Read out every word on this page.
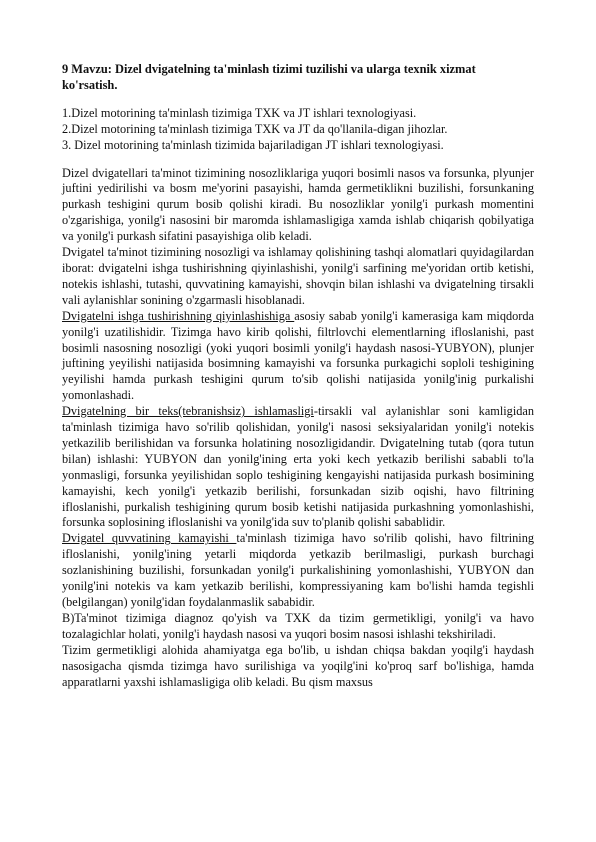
9 Mavzu: Dizel dvigatelning ta'minlash tizimi tuzilishi va ularga texnik xizmat ko'rsatish.
1.Dizel motorining ta'minlash tizimiga TXK va JT ishlari texnologiyasi.
2.Dizel motorining ta'minlash tizimiga TXK va JT da qo'llanila-digan jihozlar.
3. Dizel motorining ta'minlash tizimida bajariladigan JT ishlari texnologiyasi.

Dizel dvigatellari ta'minot tizimining nosozliklariga yuqori bosimli nasos va forsunka, plyunjer juftini yedirilishi va bosm me'yorini pasayishi, hamda germetiklikni buzilishi, forsunkaning purkash teshigini qurum bosib qolishi kiradi. Bu nosozliklar yonilg'i purkash momentini o'zgarishiga, yonilg'i nasosini bir maromda ishlamasligiga xamda ishlab chiqarish qobilyatiga va yonilg'i purkash sifatini pasayishiga olib keladi.

Dvigatel ta'minot tizimining nosozligi va ishlamay qolishining tashqi alomatlari quyidagilardan iborat: dvigatelni ishga tushirishning qiyinlashishi, yonilg'i sarfining me'yoridan ortib ketishi, notekis ishlashi, tutashi, quvvatining kamayishi, shovqin bilan ishlashi va dvigatelning tirsakli vali aylanishlar sonining o'zgarmasli hisoblanadi.

Dvigatelni ishga tushirishning qiyinlashishiga asosiy sabab yonilg'i kamerasiga kam miqdorda yonilg'i uzatilishidir. Tizimga havo kirib qolishi, filtrlovchi elementlarning ifloslanishi, past bosimli nasosning nosozligi (yoki yuqori bosimli yonilg'i haydash nasosi-YUBYON), plunjer juftining yeyilishi natijasida bosimning kamayishi va forsunka purkagichi soploli teshigining yeyilishi hamda purkash teshigini qurum to'sib qolishi natijasida yonilg'inig purkalishi yomonlashadi.

Dvigatelning bir teks(tebranishsiz) ishlamasligi-tirsakli val aylanishlar soni kamligidan ta'minlash tizimiga havo so'rilib qolishidan, yonilg'i nasosi seksiyalaridan yonilg'i notekis yetkazilib berilishidan va forsunka holatining nosozligidandir. Dvigatelning tutab (qora tutun bilan) ishlashi: YUBYON dan yonilg'ining erta yoki kech yetkazib berilishi sababli to'la yonmasligi, forsunka yeyilishidan soplo teshigining kengayishi natijasida purkash bosimining kamayishi, kech yonilg'i yetkazib berilishi, forsunkadan sizib oqishi, havo filtrining ifloslanishi, purkalish teshigining qurum bosib ketishi natijasida purkashning yomonlashishi, forsunka soplosining ifloslanishi va yonilg'ida suv to'planib qolishi sabablidir.

Dvigatel quvvatining kamayishi ta'minlash tizimiga havo so'rilib qolishi, havo filtrining ifloslanishi, yonilg'ining yetarli miqdorda yetkazib berilmasligi, purkash burchagi sozlanishining buzilishi, forsunkadan yonilg'i purkalishining yomonlashishi, YUBYON dan yonilg'ini notekis va kam yetkazib berilishi, kompressiyaning kam bo'lishi hamda tegishli (belgilangan) yonilg'idan foydalanmaslik sababidir.

B)Ta'minot tizimiga diagnoz qo'yish va TXK da tizim germetikligi, yonilg'i va havo tozalagichlar holati, yonilg'i haydash nasosi va yuqori bosim nasosi ishlashi tekshiriladi.

Tizim germetikligi alohida ahamiyatga ega bo'lib, u ishdan chiqsa bakdan yoqilg'i haydash nasosigacha qismda tizimga havo surilishiga va yoqilg'ini ko'proq sarf bo'lishiga, hamda apparatlarni yaxshi ishlamasligiga olib keladi. Bu qism maxsus
